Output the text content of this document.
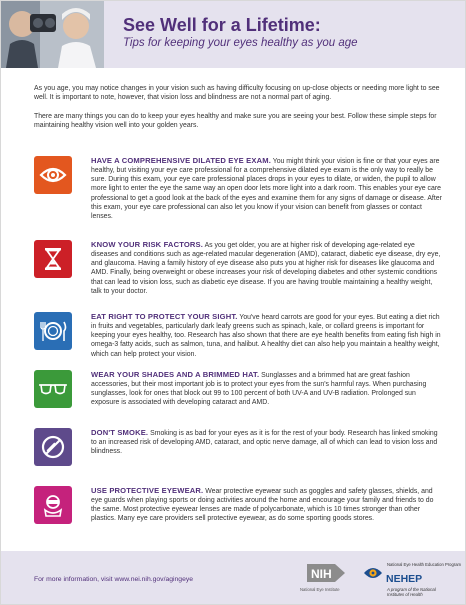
See Well for a Lifetime:
Tips for keeping your eyes healthy as you age

As you age, you may notice changes in your vision such as having difficulty focusing on up-close objects or needing more light to see well. It is important to note, however, that vision loss and blindness are not a normal part of aging.

There are many things you can do to keep your eyes healthy and make sure you are seeing your best. Follow these simple steps for maintaining healthy vision well into your golden years.

HAVE A COMPREHENSIVE DILATED EYE EXAM. You might think your vision is fine or that your eyes are healthy, but visiting your eye care professional for a comprehensive dilated eye exam is the only way to really be sure. During this exam, your eye care professional places drops in your eyes to dilate, or widen, the pupil to allow more light to enter the eye the same way an open door lets more light into a dark room. This enables your eye care professional to get a good look at the back of the eyes and examine them for any signs of damage or disease. After this exam, your eye care professional can also let you know if your vision can benefit from glasses or contact lenses.

KNOW YOUR RISK FACTORS. As you get older, you are at higher risk of developing age-related eye diseases and conditions such as age-related macular degeneration (AMD), cataract, diabetic eye disease, dry eye, and glaucoma. Having a family history of eye disease also puts you at higher risk for diseases like glaucoma and AMD. Finally, being overweight or obese increases your risk of developing diabetes and other systemic conditions that can lead to vision loss, such as diabetic eye disease. If you are having trouble maintaining a healthy weight, talk to your doctor.

EAT RIGHT TO PROTECT YOUR SIGHT. You've heard carrots are good for your eyes. But eating a diet rich in fruits and vegetables, particularly dark leafy greens such as spinach, kale, or collard greens is important for keeping your eyes healthy, too. Research has also shown that there are eye health benefits from eating fish high in omega-3 fatty acids, such as salmon, tuna, and halibut. A healthy diet can also help you maintain a healthy weight, which can help protect your vision.

WEAR YOUR SHADES AND A BRIMMED HAT. Sunglasses and a brimmed hat are great fashion accessories, but their most important job is to protect your eyes from the sun's harmful rays. When purchasing sunglasses, look for ones that block out 99 to 100 percent of both UV-A and UV-B radiation. Prolonged sun exposure is associated with developing cataract and AMD.

DON'T SMOKE. Smoking is as bad for your eyes as it is for the rest of your body. Research has linked smoking to an increased risk of developing AMD, cataract, and optic nerve damage, all of which can lead to vision loss and blindness.

USE PROTECTIVE EYEWEAR. Wear protective eyewear such as goggles and safety glasses, shields, and eye guards when playing sports or doing activities around the home and encourage your family and friends to do the same. Most protective eyewear lenses are made of polycarbonate, which is 10 times stronger than other plastics. Many eye care providers sell protective eyewear, as do some sporting goods stores.

For more information, visit www.nei.nih.gov/agingeye	NIH
National Eye Institute
National Eye Health Education Program
NEHEP
A program of the National
Institutes of Health
